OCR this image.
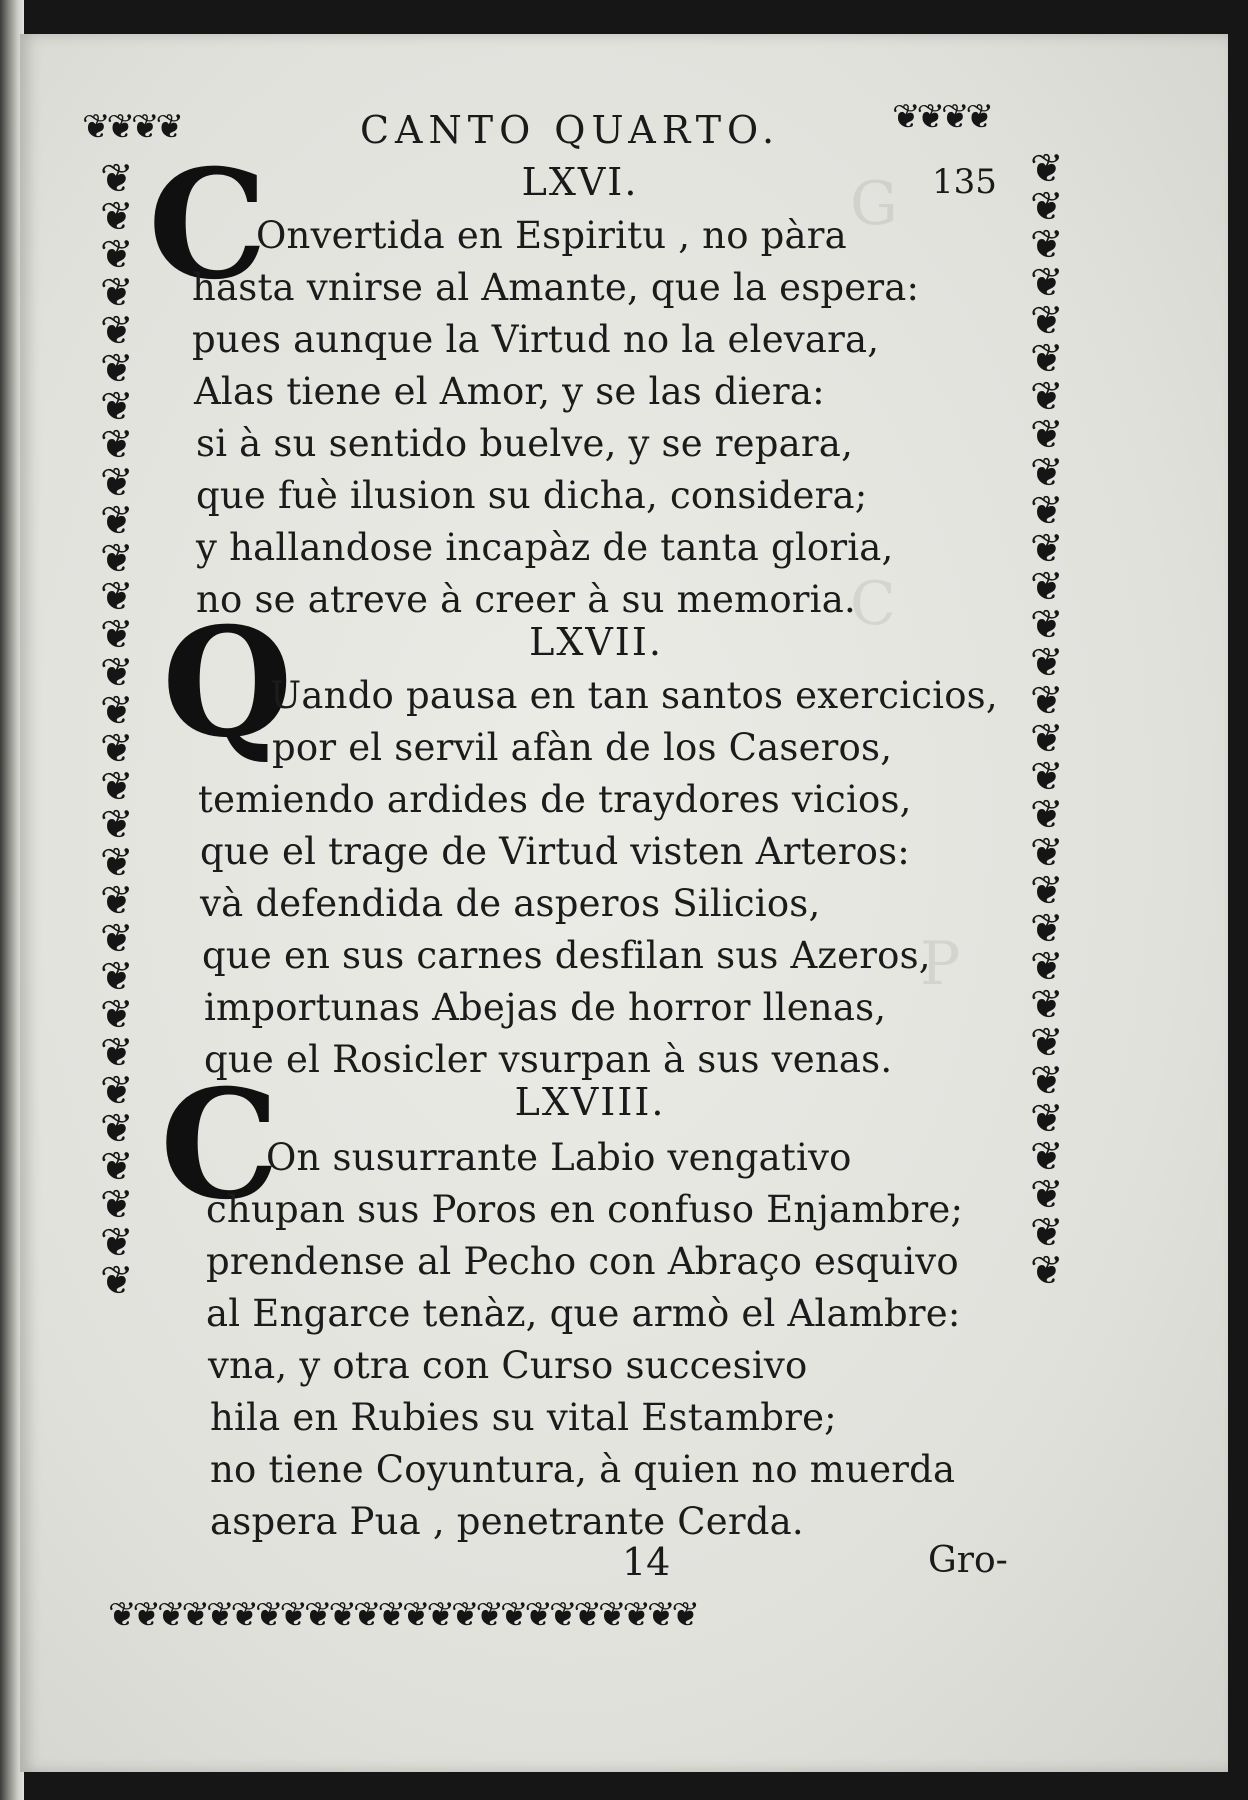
G
C
P
❦
❦
❦
❦	❦
❦
❦
❦
❦
❦
❦
❦
❦
❦
❦
❦
❦
❦
❦
❦
❦
❦
❦
❦
❦
❦
❦
❦
❦
❦
❦
❦
❦
❦
❦
❦
❦
❦
❦
❦
❦
❦
❦
❦
❦
❦
❦
❦
❦
❦
❦
❦
❦
❦
❦
❦
❦
❦
❦
❦
❦
❦
❦
❦
❦
❦
❦
❦
❦
❦
❦
❦
❦
❦
❦
❦
❦
❦
❦
❦
❦
❦
❦
❦
❦
❦
❦
❦
❦
❦
❦
❦
CANTO QUARTO.
135
LXVI.
C
Onvertida en Espiritu , no pàra
hasta vnirse al Amante, que la espera:
pues aunque la Virtud no la elevara,
Alas tiene el Amor, y se las diera:
si à su sentido buelve, y se repara,
que fuè ilusion su dicha, considera;
y hallandose incapàz de tanta gloria,
no se atreve à creer à su memoria.
LXVII.
Q
Uando pausa en tan santos exercicios,
por el servil afàn de los Caseros,
temiendo ardides de traydores vicios,
que el trage de Virtud visten Arteros:
và defendida de asperos Silicios,
que en sus carnes desfilan sus Azeros,
importunas Abejas de horror llenas,
que el Rosicler vsurpan à sus venas.
LXVIII.
C
On susurrante Labio vengativo
chupan sus Poros en confuso Enjambre;
prendense al Pecho con Abraço esquivo
al Engarce tenàz, que armò el Alambre:
vna, y otra con Curso succesivo
hila en Rubies su vital Estambre;
no tiene Coyuntura, à quien no muerda
aspera Pua , penetrante Cerda.
14	Gro-
